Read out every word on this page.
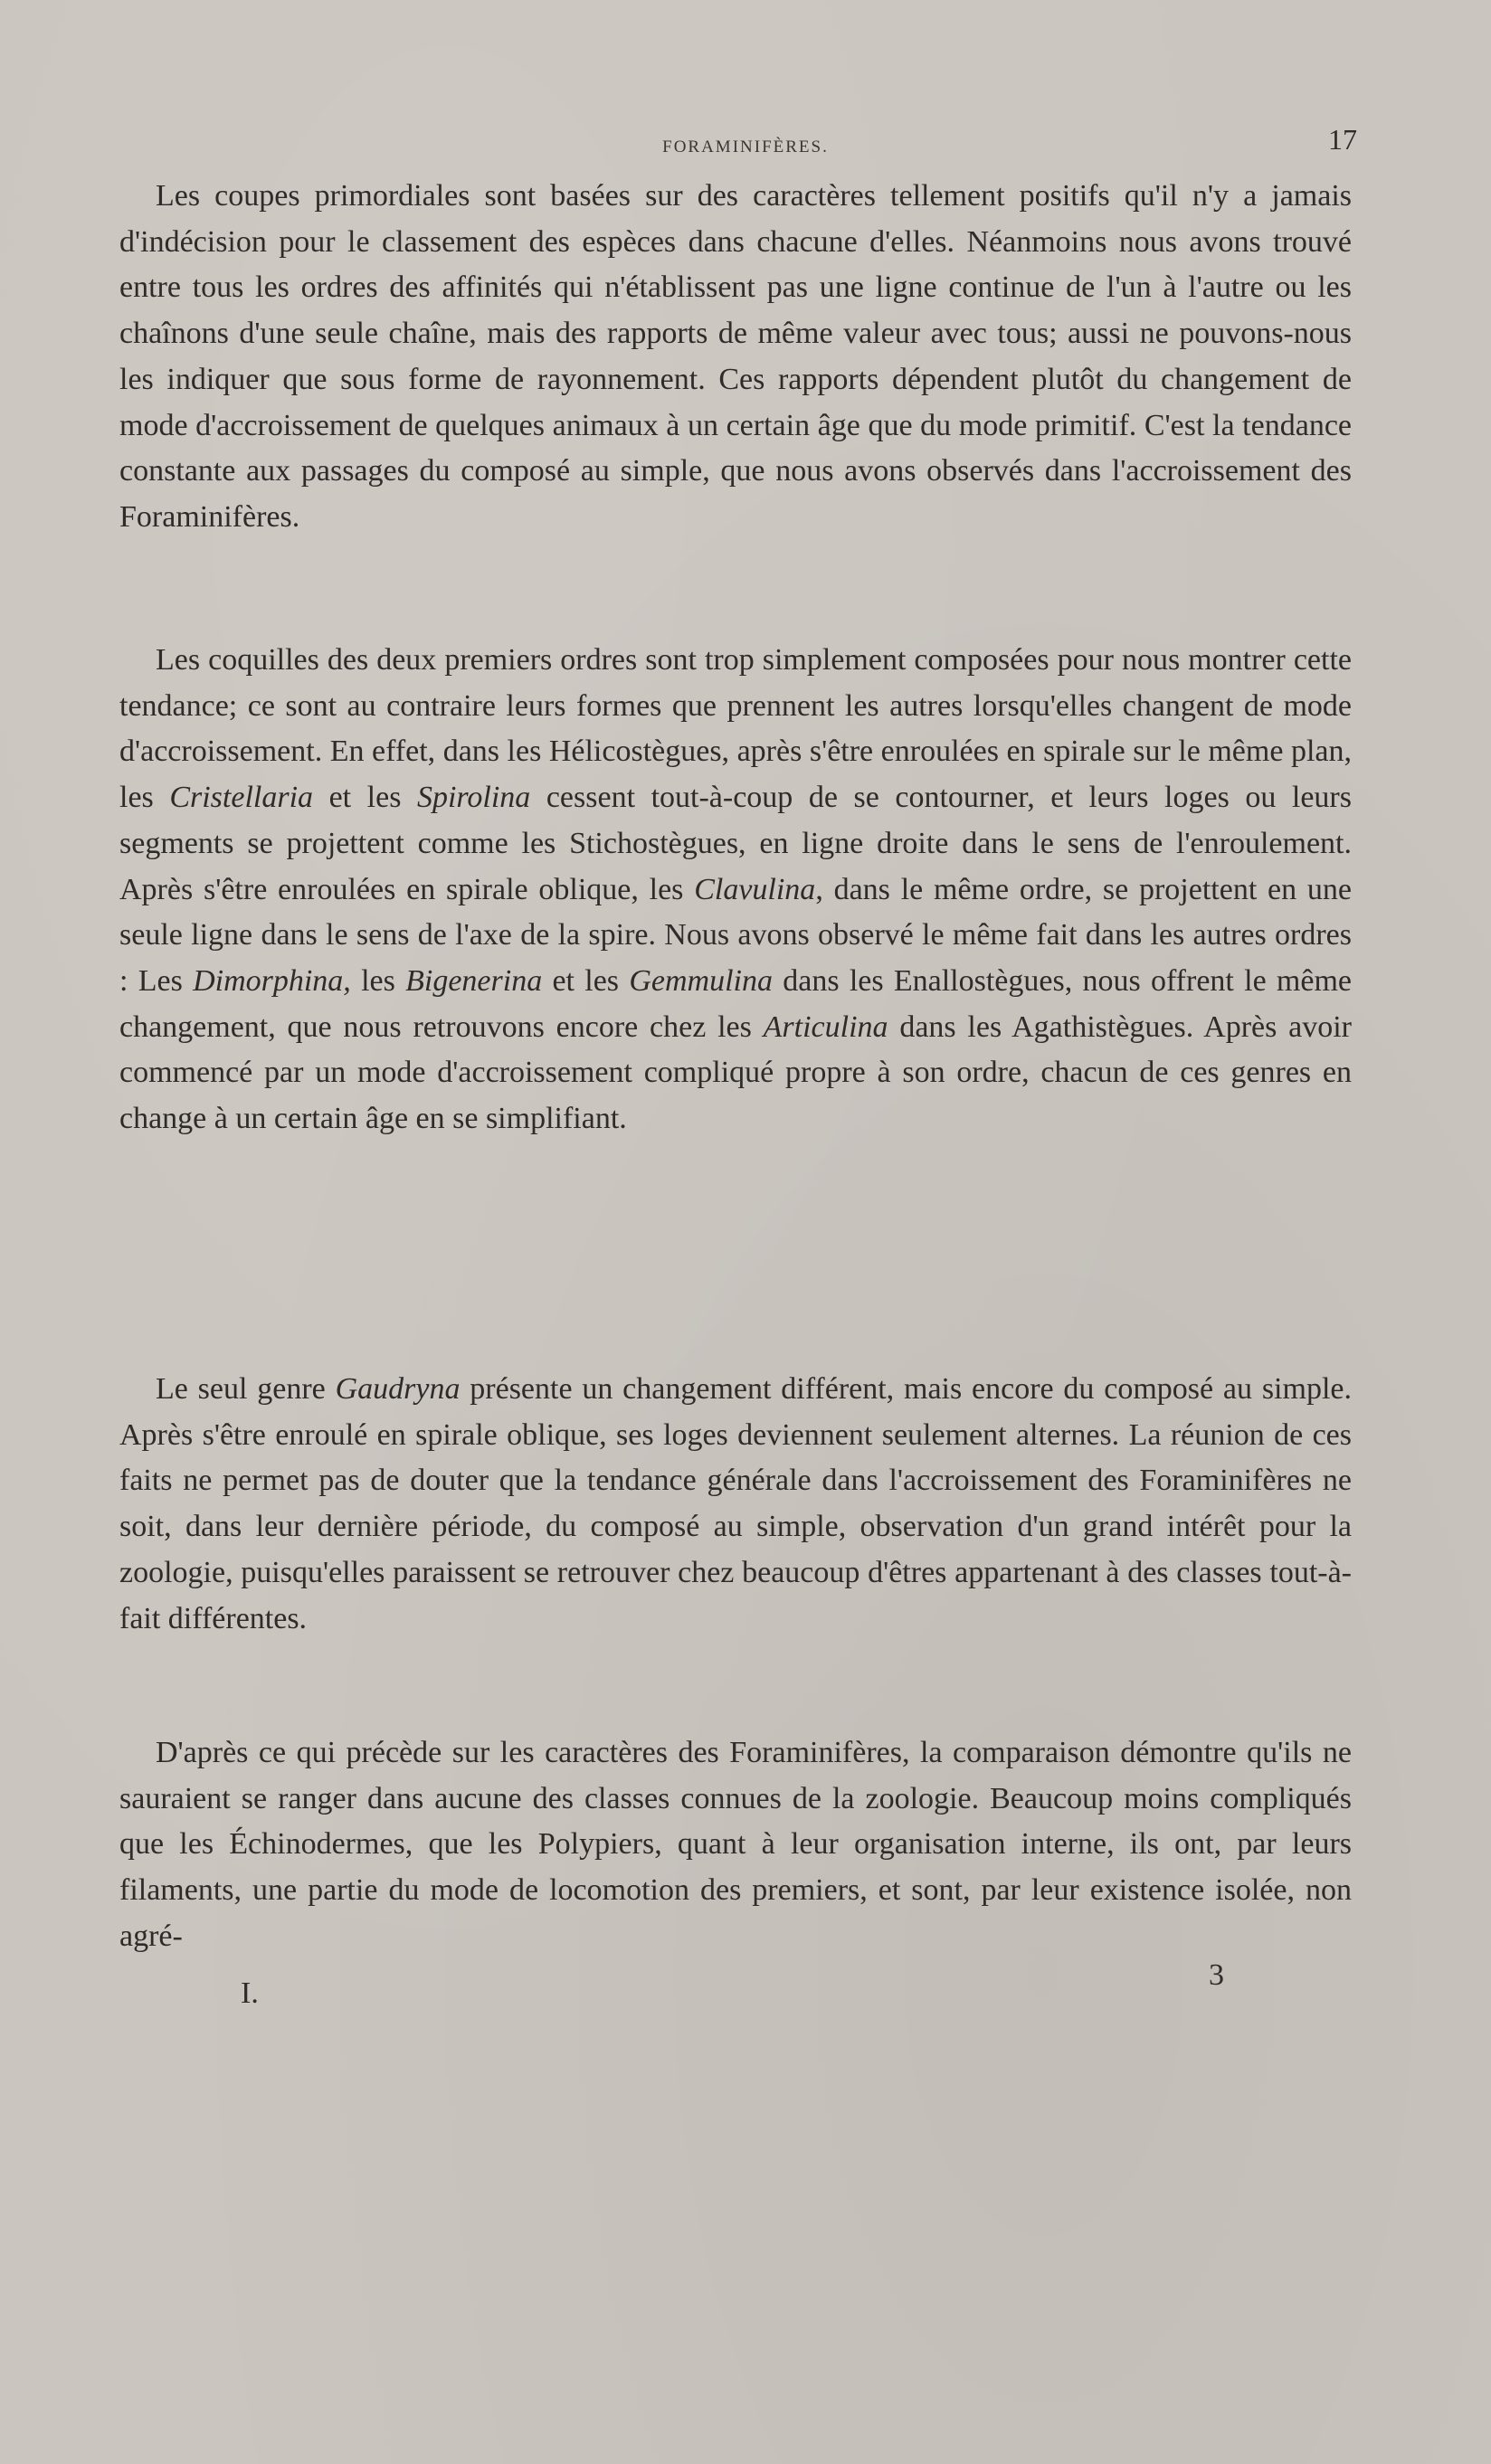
FORAMINIFÈRES.	17

Les coupes primordiales sont basées sur des caractères tellement positifs qu'il n'y a jamais d'indécision pour le classement des espèces dans chacune d'elles. Néanmoins nous avons trouvé entre tous les ordres des affinités qui n'établissent pas une ligne continue de l'un à l'autre ou les chaînons d'une seule chaîne, mais des rapports de même valeur avec tous; aussi ne pouvons-nous les indiquer que sous forme de rayonnement. Ces rapports dépendent plutôt du changement de mode d'accroissement de quelques animaux à un certain âge que du mode primitif. C'est la tendance constante aux passages du composé au simple, que nous avons observés dans l'accroissement des Foraminifères.

Les coquilles des deux premiers ordres sont trop simplement composées pour nous montrer cette tendance; ce sont au contraire leurs formes que prennent les autres lorsqu'elles changent de mode d'accroissement. En effet, dans les Hélicostègues, après s'être enroulées en spirale sur le même plan, les Cristellaria et les Spirolina cessent tout-à-coup de se contourner, et leurs loges ou leurs segments se projettent comme les Stichostègues, en ligne droite dans le sens de l'enroulement. Après s'être enroulées en spirale oblique, les Clavulina, dans le même ordre, se projettent en une seule ligne dans le sens de l'axe de la spire. Nous avons observé le même fait dans les autres ordres : Les Dimorphina, les Bigenerina et les Gemmulina dans les Enallostègues, nous offrent le même changement, que nous retrouvons encore chez les Articulina dans les Agathistègues. Après avoir commencé par un mode d'accroissement compliqué propre à son ordre, chacun de ces genres en change à un certain âge en se simplifiant.

Le seul genre Gaudryna présente un changement différent, mais encore du composé au simple. Après s'être enroulé en spirale oblique, ses loges deviennent seulement alternes. La réunion de ces faits ne permet pas de douter que la tendance générale dans l'accroissement des Foraminifères ne soit, dans leur dernière période, du composé au simple, observation d'un grand intérêt pour la zoologie, puisqu'elles paraissent se retrouver chez beaucoup d'êtres appartenant à des classes tout-à-fait différentes.

D'après ce qui précède sur les caractères des Foraminifères, la comparaison démontre qu'ils ne sauraient se ranger dans aucune des classes connues de la zoologie. Beaucoup moins compliqués que les Échinodermes, que les Polypiers, quant à leur organisation interne, ils ont, par leurs filaments, une partie du mode de locomotion des premiers, et sont, par leur existence isolée, non agré-

I.
3
